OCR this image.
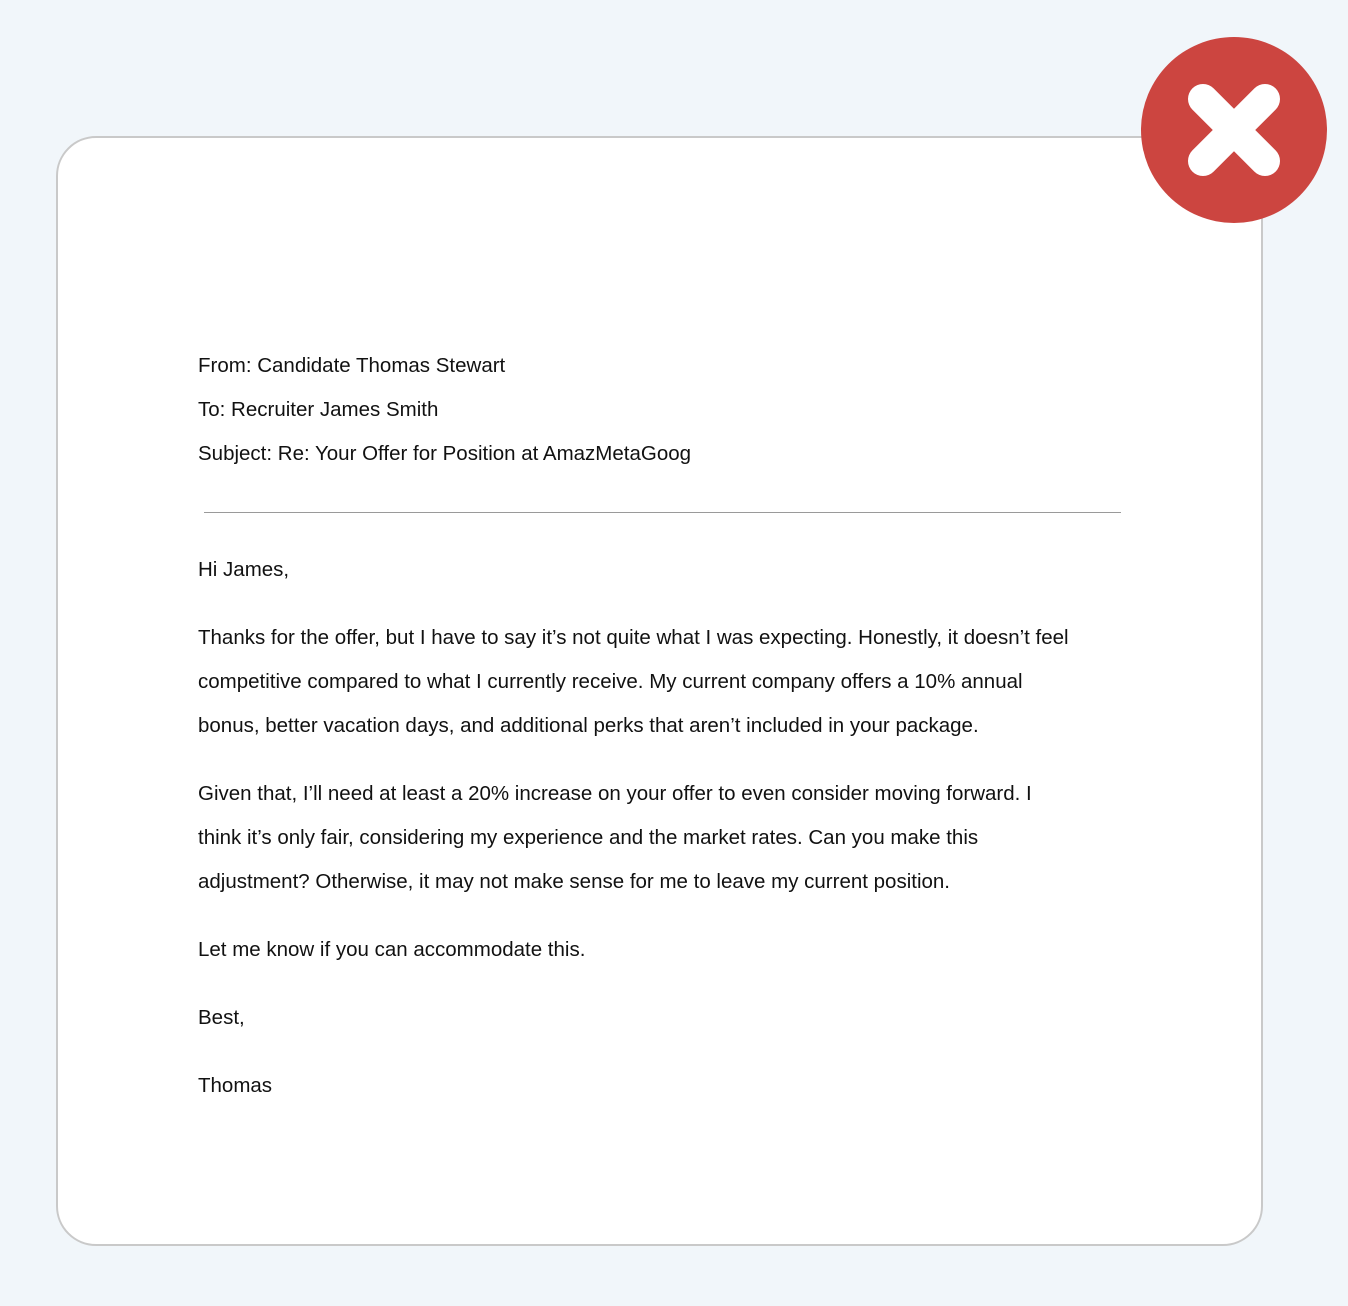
From: Candidate Thomas Stewart

To: Recruiter James Smith

Subject: Re: Your Offer for Position at AmazMetaGoog

Hi James,

Thanks for the offer, but I have to say it’s not quite what I was expecting. Honestly, it doesn’t feel
competitive compared to what I currently receive. My current company offers a 10% annual
bonus, better vacation days, and additional perks that aren’t included in your package.

Given that, I’ll need at least a 20% increase on your offer to even consider moving forward. I
think it’s only fair, considering my experience and the market rates. Can you make this
adjustment? Otherwise, it may not make sense for me to leave my current position.

Let me know if you can accommodate this.

Best,

Thomas
